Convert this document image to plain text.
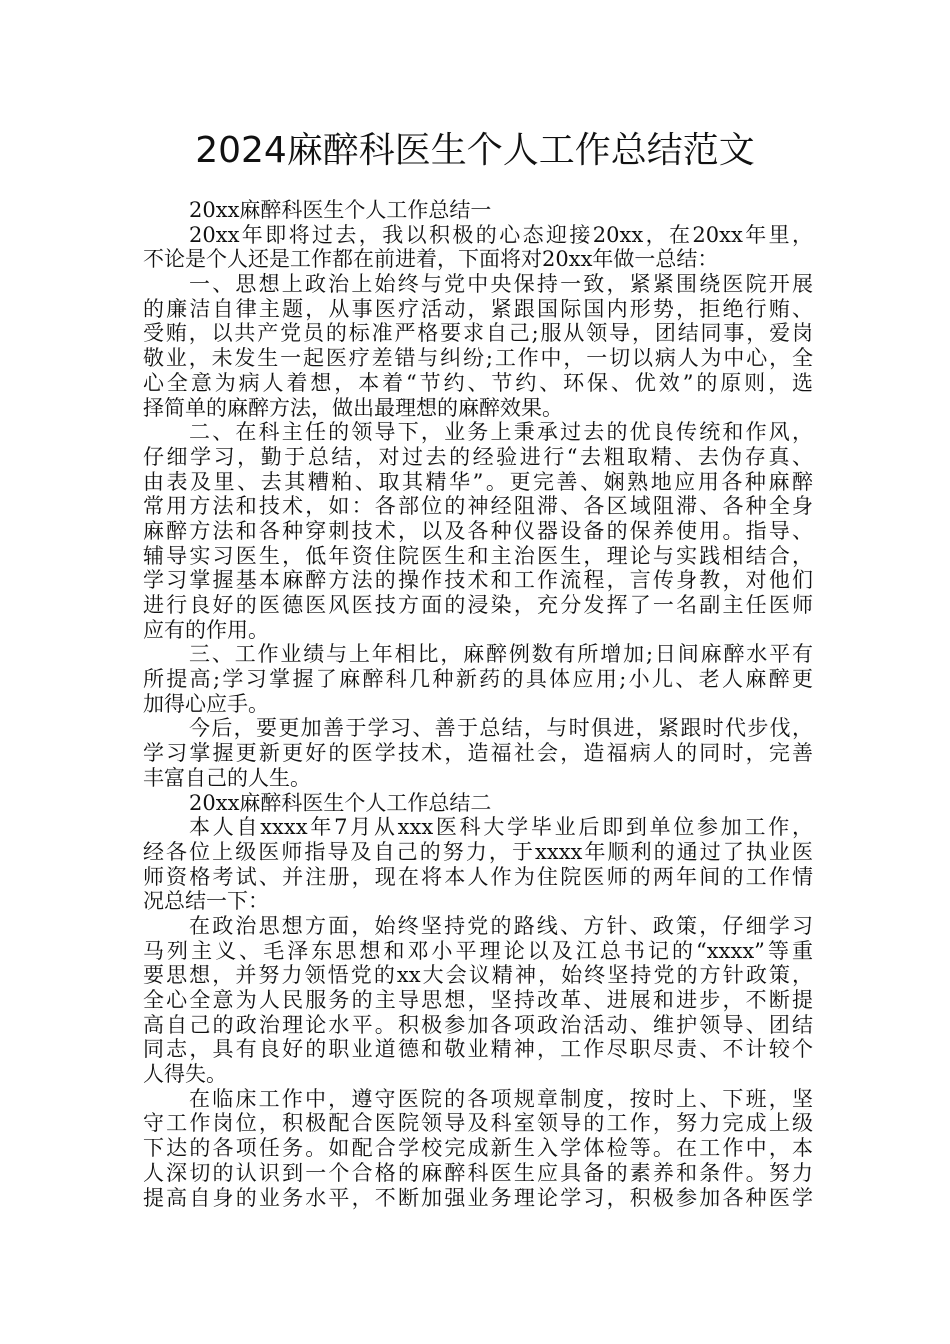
2024麻醉科医生个人工作总结范文
20xx麻醉科医生个人工作总结一
20xx年即将过去，我以积极的心态迎接20xx，在20xx年里，
不论是个人还是工作都在前进着，下面将对20xx年做一总结：
一、思想上政治上始终与党中央保持一致，紧紧围绕医院开展
的廉洁自律主题，从事医疗活动，紧跟国际国内形势，拒绝行贿、
受贿，以共产党员的标准严格要求自己;服从领导，团结同事，爱岗
敬业，未发生一起医疗差错与纠纷;工作中，一切以病人为中心，全
心全意为病人着想，本着“节约、节约、环保、优效”的原则，选
择简单的麻醉方法，做出最理想的麻醉效果。
二、在科主任的领导下，业务上秉承过去的优良传统和作风，
仔细学习，勤于总结，对过去的经验进行“去粗取精、去伪存真、
由表及里、去其糟粕、取其精华”。更完善、娴熟地应用各种麻醉
常用方法和技术，如：各部位的神经阻滞、各区域阻滞、各种全身
麻醉方法和各种穿刺技术，以及各种仪器设备的保养使用。指导、
辅导实习医生，低年资住院医生和主治医生，理论与实践相结合，
学习掌握基本麻醉方法的操作技术和工作流程，言传身教，对他们
进行良好的医德医风医技方面的浸染，充分发挥了一名副主任医师
应有的作用。
三、工作业绩与上年相比，麻醉例数有所增加;日间麻醉水平有
所提高;学习掌握了麻醉科几种新药的具体应用;小儿、老人麻醉更
加得心应手。
今后，要更加善于学习、善于总结，与时俱进，紧跟时代步伐，
学习掌握更新更好的医学技术，造福社会，造福病人的同时，完善
丰富自己的人生。
20xx麻醉科医生个人工作总结二
本人自xxxx年7月从xxx医科大学毕业后即到单位参加工作，
经各位上级医师指导及自己的努力，于xxxx年顺利的通过了执业医
师资格考试、并注册，现在将本人作为住院医师的两年间的工作情
况总结一下：
在政治思想方面，始终坚持党的路线、方针、政策，仔细学习
马列主义、毛泽东思想和邓小平理论以及江总书记的“xxxx”等重
要思想，并努力领悟党的xx大会议精神，始终坚持党的方针政策，
全心全意为人民服务的主导思想，坚持改革、进展和进步，不断提
高自己的政治理论水平。积极参加各项政治活动、维护领导、团结
同志，具有良好的职业道德和敬业精神，工作尽职尽责、不计较个
人得失。
在临床工作中，遵守医院的各项规章制度，按时上、下班，坚
守工作岗位，积极配合医院领导及科室领导的工作，努力完成上级
下达的各项任务。如配合学校完成新生入学体检等。在工作中，本
人深切的认识到一个合格的麻醉科医生应具备的素养和条件。努力
提高自身的业务水平，不断加强业务理论学习，积极参加各种医学
